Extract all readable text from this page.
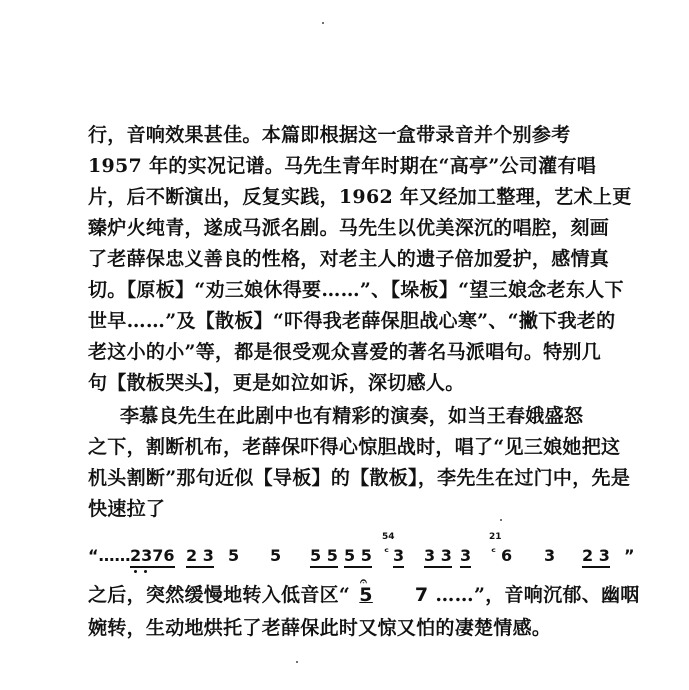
行，音响效果甚佳。本篇即根据这一盒带录音并个别参考
1957 年的实况记谱。马先生青年时期在“高亭”公司灌有唱
片，后不断演出，反复实践，1962 年又经加工整理，艺术上更
臻炉火纯青，遂成马派名剧。马先生以优美深沉的唱腔，刻画
了老薛保忠义善良的性格，对老主人的遗子倍加爱护，感情真
切。【原板】“劝三娘休得要……”、【垛板】“望三娘念老东人下
世早……”及【散板】“吓得我老薛保胆战心寒”、“撇下我老的
老这小的小”等，都是很受观众喜爱的著名马派唱句。特别几
句【散板哭头】，更是如泣如诉，深切感人。
李慕良先生在此剧中也有精彩的演奏，如当王春娥盛怒
之下，割断机布，老薛保吓得心惊胆战时，唱了“见三娘她把这
机头割断”那句近似【导板】的【散板】，李先生在过门中，先是
快速拉了
“…… 2376 2 3 5 5 5 5 5 5
54
ᶜ 3 3 3 3
21
ᶜ 6 3 2 3 ”
之后，突然缓慢地转入低音区“
𝄐
5 7 ……”，音响沉郁、幽咽
婉转，生动地烘托了老薛保此时又惊又怕的凄楚情感。
